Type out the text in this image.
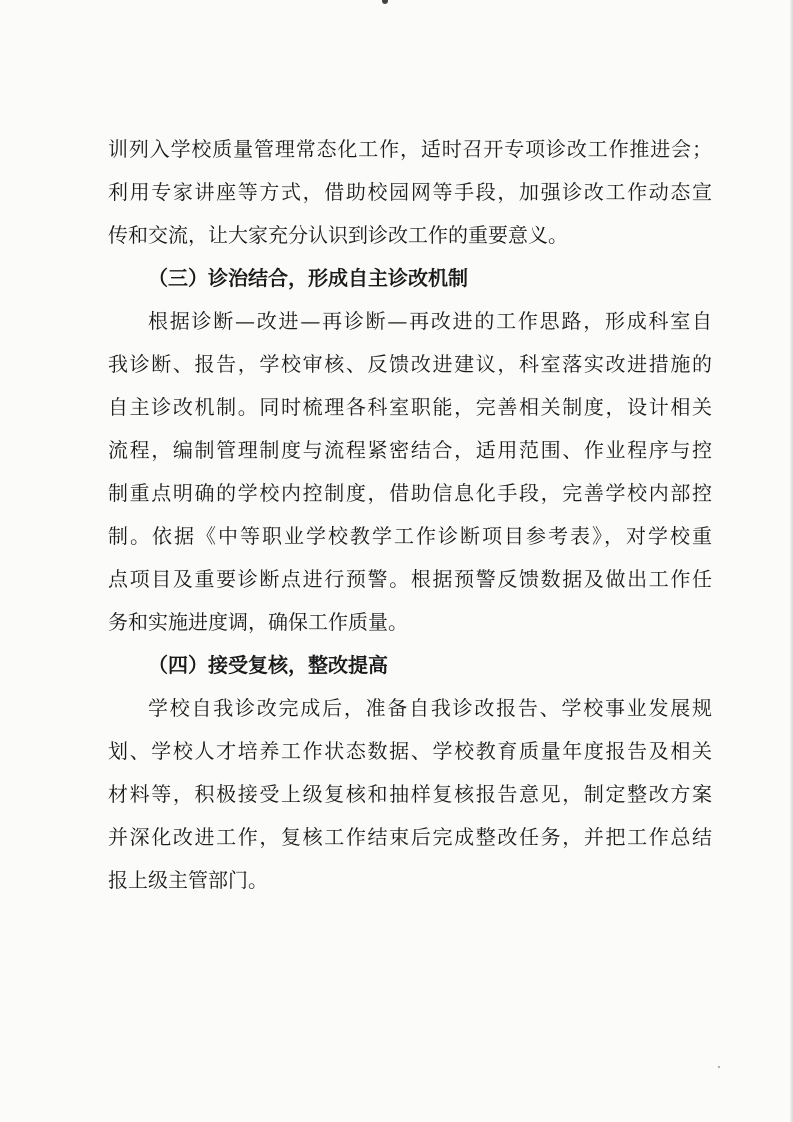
训列入学校质量管理常态化工作，适时召开专项诊改工作推进会；
利用专家讲座等方式，借助校园网等手段，加强诊改工作动态宣
传和交流，让大家充分认识到诊改工作的重要意义。
（三）诊治结合，形成自主诊改机制
根据诊断—改进—再诊断—再改进的工作思路，形成科室自
我诊断、报告，学校审核、反馈改进建议，科室落实改进措施的
自主诊改机制。同时梳理各科室职能，完善相关制度，设计相关
流程，编制管理制度与流程紧密结合，适用范围、作业程序与控
制重点明确的学校内控制度，借助信息化手段，完善学校内部控
制。依据《中等职业学校教学工作诊断项目参考表》，对学校重
点项目及重要诊断点进行预警。根据预警反馈数据及做出工作任
务和实施进度调，确保工作质量。
（四）接受复核，整改提高
学校自我诊改完成后，准备自我诊改报告、学校事业发展规
划、学校人才培养工作状态数据、学校教育质量年度报告及相关
材料等，积极接受上级复核和抽样复核报告意见，制定整改方案
并深化改进工作，复核工作结束后完成整改任务，并把工作总结
报上级主管部门。
